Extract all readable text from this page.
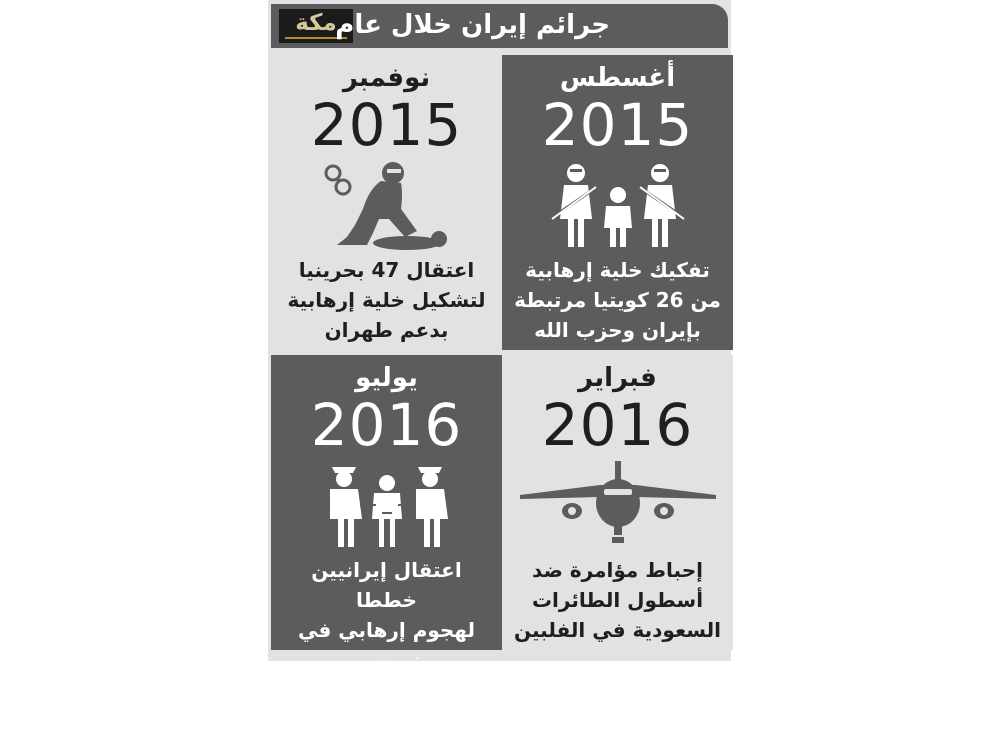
مكة
جرائم إيران خلال عام
أغسطس
2015
تفكيك خلية إرهابية
من 26 كويتيا مرتبطة
بإيران وحزب الله
نوفمبر
2015
اعتقال 47 بحرينيا
لتشكيل خلية إرهابية
بدعم طهران
فبراير
2016
إحباط مؤامرة ضد
أسطول الطائرات
السعودية في الفلبين
يوليو
2016
اعتقال إيرانيين خططا
لهجوم إرهابي في
نيروبي
